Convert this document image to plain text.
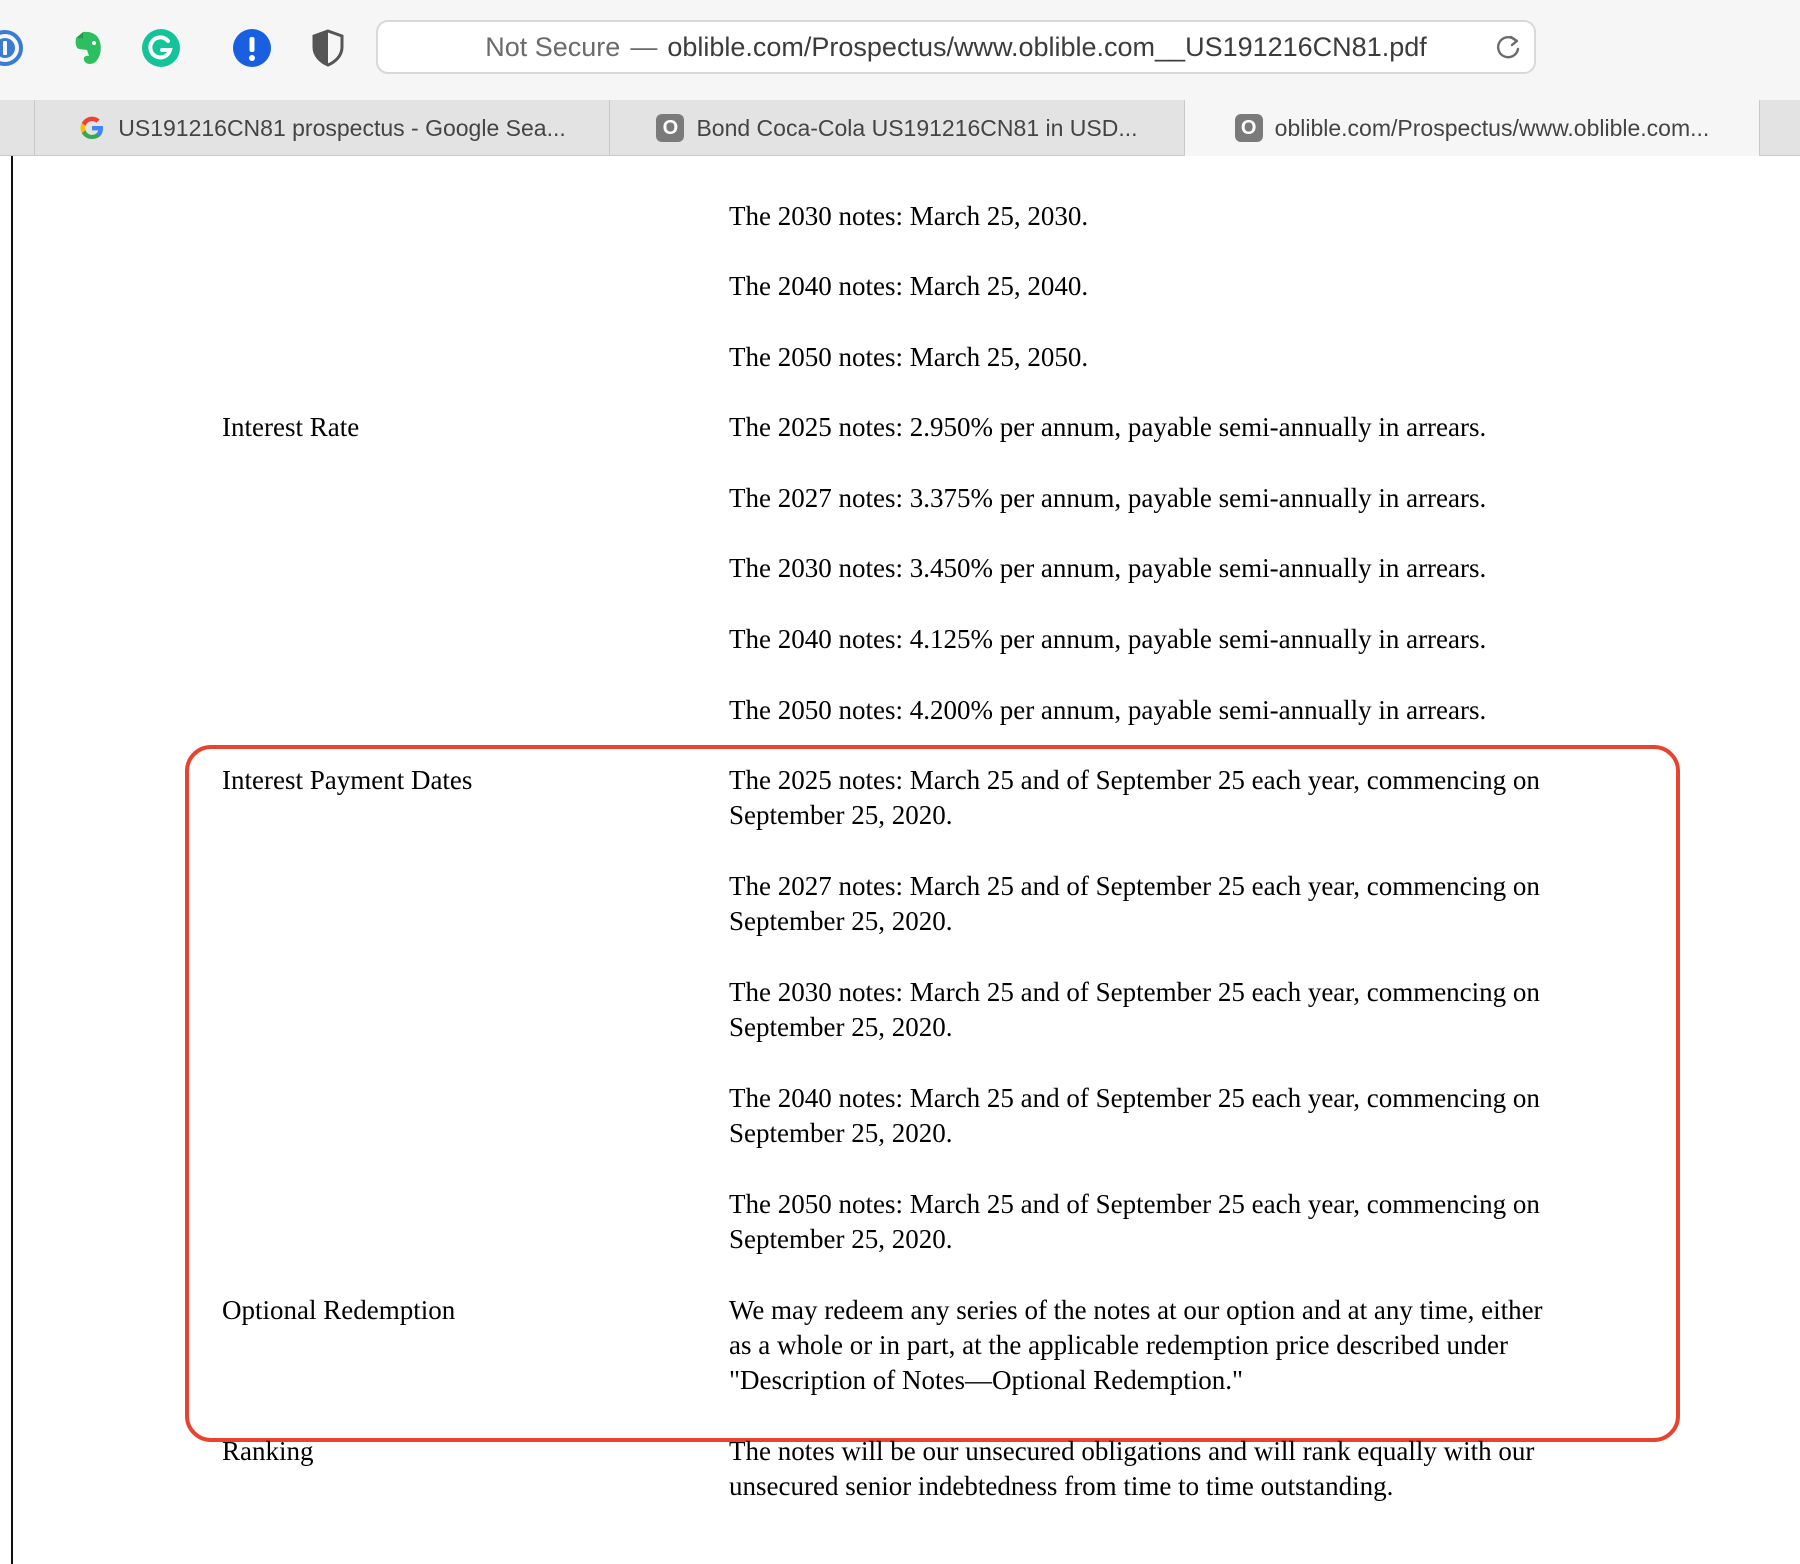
Not Secure — oblible.com/Prospectus/www.oblible.com__US191216CN81.pdf
US191216CN81 prospectus - Google Sea...	O Bond Coca-Cola US191216CN81 in USD...	O oblible.com/Prospectus/www.oblible.com...
The 2030 notes: March 25, 2030.
The 2040 notes: March 25, 2040.
The 2050 notes: March 25, 2050.
Interest Rate	The 2025 notes: 2.950% per annum, payable semi-annually in arrears.
The 2027 notes: 3.375% per annum, payable semi-annually in arrears.
The 2030 notes: 3.450% per annum, payable semi-annually in arrears.
The 2040 notes: 4.125% per annum, payable semi-annually in arrears.
The 2050 notes: 4.200% per annum, payable semi-annually in arrears.
Interest Payment Dates	The 2025 notes: March 25 and of September 25 each year, commencing on
September 25, 2020.
The 2027 notes: March 25 and of September 25 each year, commencing on
September 25, 2020.
The 2030 notes: March 25 and of September 25 each year, commencing on
September 25, 2020.
The 2040 notes: March 25 and of September 25 each year, commencing on
September 25, 2020.
The 2050 notes: March 25 and of September 25 each year, commencing on
September 25, 2020.
Optional Redemption	We may redeem any series of the notes at our option and at any time, either
as a whole or in part, at the applicable redemption price described under
"Description of Notes—Optional Redemption."
Ranking	The notes will be our unsecured obligations and will rank equally with our
unsecured senior indebtedness from time to time outstanding.
